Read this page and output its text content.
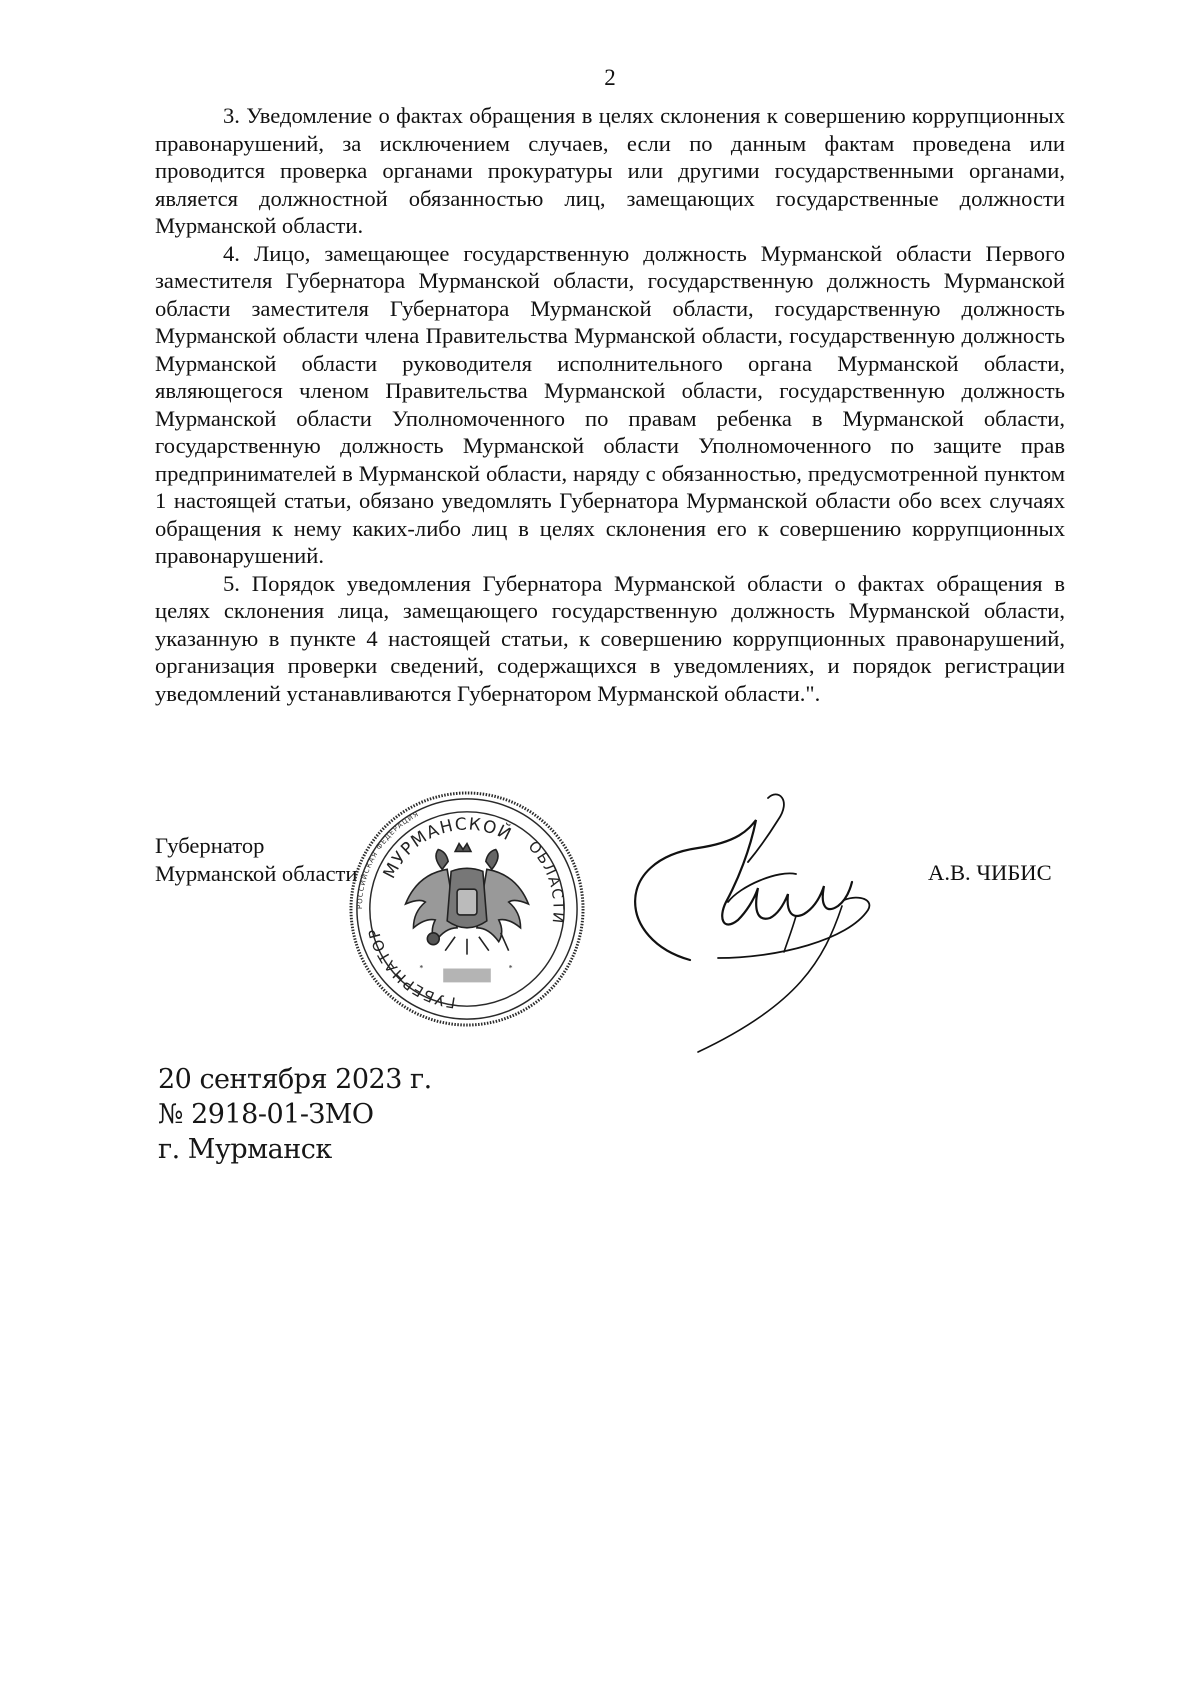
2

3. Уведомление о фактах обращения в целях склонения к совершению коррупционных правонарушений, за исключением случаев, если по данным фактам проведена или проводится проверка органами прокуратуры или другими государственными органами, является должностной обязанностью лиц, замещающих государственные должности Мурманской области.

4. Лицо, замещающее государственную должность Мурманской области Первого заместителя Губернатора Мурманской области, государственную должность Мурманской области заместителя Губернатора Мурманской области, государственную должность Мурманской области члена Правительства Мурманской области, государственную должность Мурманской области руководителя исполнительного органа Мурманской области, являющегося членом Правительства Мурманской области, государственную должность Мурманской области Уполномоченного по правам ребенка в Мурманской области, государственную должность Мурманской области Уполномоченного по защите прав предпринимателей в Мурманской области, наряду с обязанностью, предусмотренной пунктом 1 настоящей статьи, обязано уведомлять Губернатора Мурманской области обо всех случаях обращения к нему каких-либо лиц в целях склонения его к совершению коррупционных правонарушений.

5. Порядок уведомления Губернатора Мурманской области о фактах обращения в целях склонения лица, замещающего государственную должность Мурманской области, указанную в пункте 4 настоящей статьи, к совершению коррупционных правонарушений, организация проверки сведений, содержащихся в уведомлениях, и порядок регистрации уведомлений устанавливаются Губернатором Мурманской области.".

Губернатор
Мурманской области
РОССИЙСКАЯ ФЕДЕРАЦИЯ
МУРМАНСКОЙ
ГУБЕРНАТОР
ОБЛАСТИ
*	*
А.В. ЧИБИС
20 сентября 2023 г.
№ 2918-01-ЗМО
г. Мурманск
